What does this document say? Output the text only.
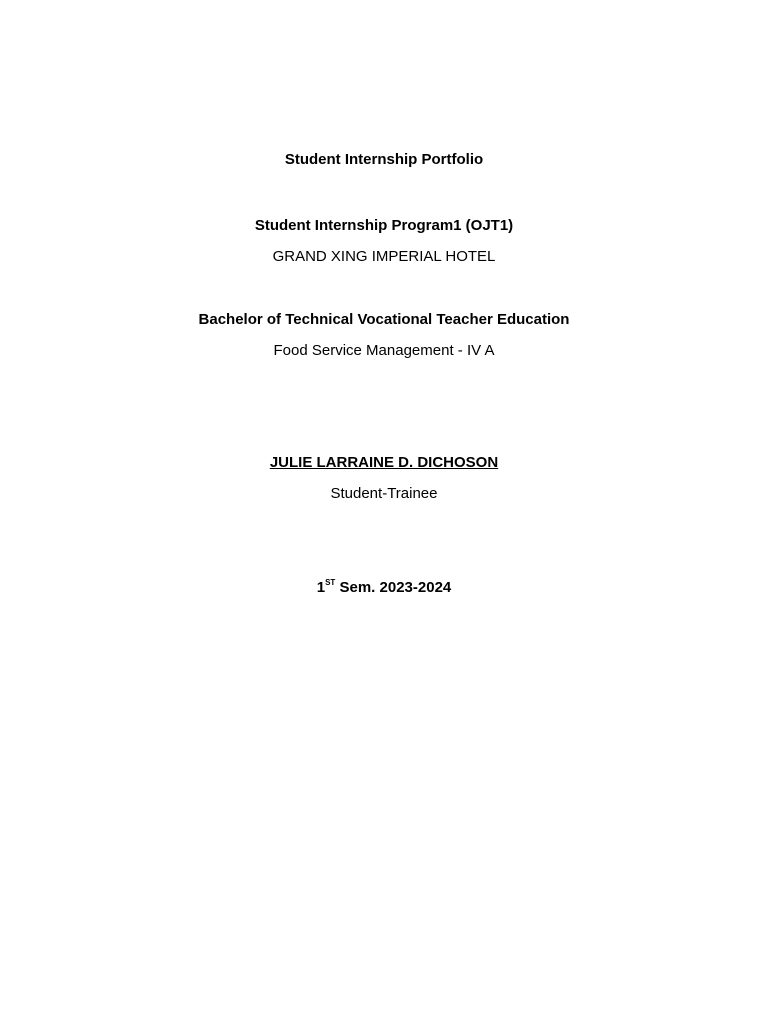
Student Internship Portfolio
Student Internship Program1 (OJT1)
GRAND XING IMPERIAL HOTEL
Bachelor of Technical Vocational Teacher Education
Food Service Management - IV A
JULIE LARRAINE D. DICHOSON
Student-Trainee
1ST Sem. 2023-2024
